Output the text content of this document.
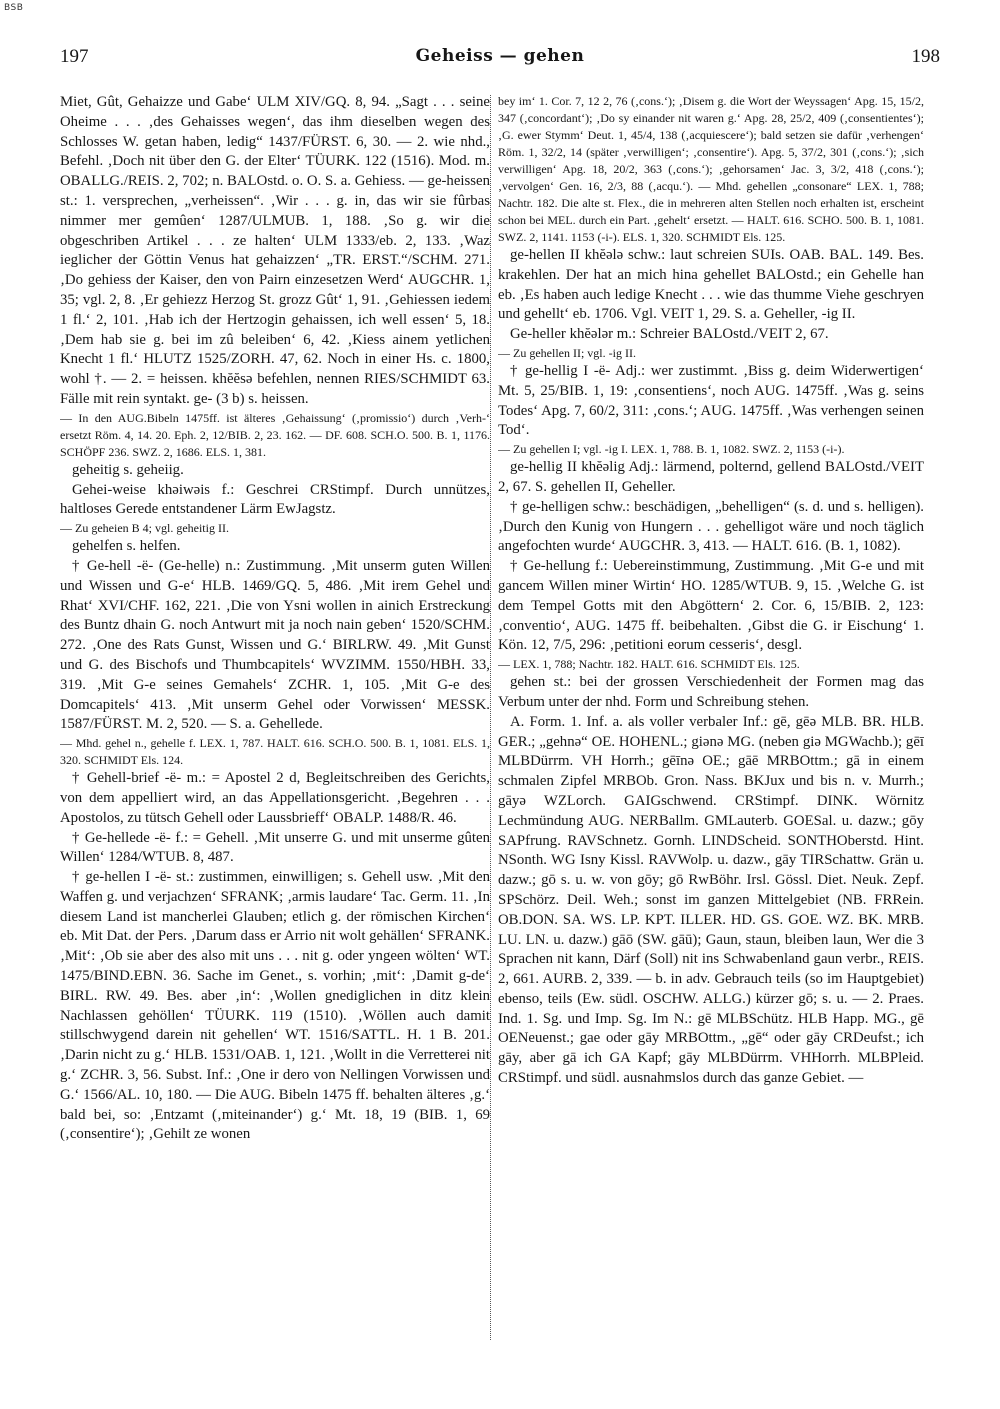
BSB
197	Geheiss — gehen	198

Miet, Gût, Gehaizze und Gabe‘ ULM XIV/GQ. 8, 94. „Sagt . . . seine Oheime . . . ‚des Gehaisses wegen‘, das ihm dieselben wegen des Schlosses W. getan haben, ledig“ 1437/FÜRST. 6, 30. — 2. wie nhd., Befehl. ‚Doch nit über den G. der Elter‘ TÜURK. 122 (1516). Mod. m. OBALLG./REIS. 2, 702; n. BALOstd. o. O. S. a. Gehiess. — ge-heissen st.: 1. versprechen, „verheissen“. ‚Wir . . . g. in, das wir sie fûrbas nimmer mer gemûen‘ 1287/ULMUB. 1, 188. ‚So g. wir die obgeschriben Artikel . . . ze halten‘ ULM 1333/eb. 2, 133. ‚Waz ieglicher der Göttin Venus hat gehaizzen‘ „TR. ERST.“/SCHM. 271. ‚Do gehiess der Kaiser, den von Pairn einzesetzen Werd‘ AUGCHR. 1, 35; vgl. 2, 8. ‚Er gehiezz Herzog St. grozz Gût‘ 1, 91. ‚Gehiessen iedem 1 fl.‘ 2, 101. ‚Hab ich der Hertzogin gehaissen, ich well essen‘ 5, 18. ‚Dem hab sie g. bei im zû beleiben‘ 6, 42. ‚Kiess ainem yetlichen Knecht 1 fl.‘ HLUTZ 1525/ZORH. 47, 62. Noch in einer Hs. c. 1800, wohl †. — 2. = heissen. khĕĕsə befehlen, nennen RIES/SCHMIDT 63. Fälle mit rein syntakt. ge- (3 b) s. heissen.

— In den AUG.Bibeln 1475ff. ist älteres ‚Gehaissung‘ (‚promissio‘) durch ‚Verh-‘ ersetzt Röm. 4, 14. 20. Eph. 2, 12/BIB. 2, 23. 162. — DF. 608. SCH.O. 500. B. 1, 1176. SCHÖPF 236. SWZ. 2, 1686. ELS. 1, 381.

geheitig s. geheiig.

Gehei-weise khəiwəis f.: Geschrei CRStimpf. Durch unnützes, haltloses Gerede entstandener Lärm EwJagstz.

— Zu geheien B 4; vgl. geheitig II.

gehelfen s. helfen.

† Ge-hell -ë- (Ge-helle) n.: Zustimmung. ‚Mit unserm guten Willen und Wissen und G-e‘ HLB. 1469/GQ. 5, 486. ‚Mit irem Gehel und Rhat‘ XVI/CHF. 162, 221. ‚Die von Ysni wollen in ainich Erstreckung des Buntz dhain G. noch Antwurt mit ja noch nain geben‘ 1520/SCHM. 272. ‚One des Rats Gunst, Wissen und G.‘ BIRLRW. 49. ‚Mit Gunst und G. des Bischofs und Thumbcapitels‘ WVZIMM. 1550/HBH. 33, 319. ‚Mit G-e seines Gemahels‘ ZCHR. 1, 105. ‚Mit G-e des Domcapitels‘ 413. ‚Mit unserm Gehel oder Vorwissen‘ MESSK. 1587/FÜRST. M. 2, 520. — S. a. Gehellede.

— Mhd. gehel n., gehelle f. LEX. 1, 787. HALT. 616. SCH.O. 500. B. 1, 1081. ELS. 1, 320. SCHMIDT Els. 124.

† Gehell-brief -ë- m.: = Apostel 2 d, Begleitschreiben des Gerichts, von dem appelliert wird, an das Appellationsgericht. ‚Begehren . . . Apostolos, zu tütsch Gehell oder Laussbrieff‘ OBALP. 1488/R. 46.

† Ge-hellede -ë- f.: = Gehell. ‚Mit unserre G. und mit unserme gûten Willen‘ 1284/WTUB. 8, 487.

† ge-hellen I -ë- st.: zustimmen, einwilligen; s. Gehell usw. ‚Mit den Waffen g. und verjachzen‘ SFRANK; ‚armis laudare‘ Tac. Germ. 11. ‚In diesem Land ist mancherlei Glauben; etlich g. der römischen Kirchen‘ eb. Mit Dat. der Pers. ‚Darum dass er Arrio nit wolt gehällen‘ SFRANK. ‚Mit‘: ‚Ob sie aber des also mit uns . . . nit g. oder yngeen wölten‘ WT. 1475/BIND.EBN. 36. Sache im Genet., s. vorhin; ‚mit‘: ‚Damit g-de‘ BIRL. RW. 49. Bes. aber ‚in‘: ‚Wollen gnediglichen in ditz klein Nachlassen gehöllen‘ TÜURK. 119 (1510). ‚Wöllen auch damit stillschwygend darein nit gehellen‘ WT. 1516/SATTL. H. 1 B. 201. ‚Darin nicht zu g.‘ HLB. 1531/OAB. 1, 121. ‚Wollt in die Verretterei nit g.‘ ZCHR. 3, 56. Subst. Inf.: ‚One ir dero von Nellingen Vorwissen und G.‘ 1566/AL. 10, 180. — Die AUG. Bibeln 1475 ff. behalten älteres ‚g.‘ bald bei, so: ‚Entzamt (‚miteinander‘) g.‘ Mt. 18, 19 (BIB. 1, 69 (‚consentire‘); ‚Gehilt ze wonen

bey im‘ 1. Cor. 7, 12 2, 76 (‚cons.‘); ‚Disem g. die Wort der Weyssagen‘ Apg. 15, 15/2, 347 (‚concordant‘); ‚Do sy einander nit waren g.‘ Apg. 28, 25/2, 409 (‚consentientes‘); ‚G. ewer Stymm‘ Deut. 1, 45/4, 138 (‚acquiescere‘); bald setzen sie dafür ‚verhengen‘ Röm. 1, 32/2, 14 (später ‚verwilligen‘; ‚consentire‘). Apg. 5, 37/2, 301 (‚cons.‘); ‚sich verwilligen‘ Apg. 18, 20/2, 363 (‚cons.‘); ‚gehorsamen‘ Jac. 3, 3/2, 418 (‚cons.‘); ‚vervolgen‘ Gen. 16, 2/3, 88 (‚acqu.‘). — Mhd. gehellen „consonare“ LEX. 1, 788; Nachtr. 182. Die alte st. Flex., die in mehreren alten Stellen noch erhalten ist, erscheint schon bei MEL. durch ein Part. ‚gehelt‘ ersetzt. — HALT. 616. SCHO. 500. B. 1, 1081. SWZ. 2, 1141. 1153 (-i-). ELS. 1, 320. SCHMIDT Els. 125.

ge-hellen II khĕələ schw.: laut schreien SUIs. OAB. BAL. 149. Bes. krakehlen. Der hat an mich hina gehellet BALOstd.; ein Gehelle han eb. ‚Es haben auch ledige Knecht . . . wie das thumme Viehe geschryen und gehellt‘ eb. 1706. Vgl. VEIT 1, 29. S. a. Geheller, -ig II.

Ge-heller khĕələr m.: Schreier BALOstd./VEIT 2, 67.

— Zu gehellen II; vgl. -ig II.

† ge-hellig I -ë- Adj.: wer zustimmt. ‚Biss g. deim Widerwertigen‘ Mt. 5, 25/BIB. 1, 19: ‚consentiens‘, noch AUG. 1475ff. ‚Was g. seins Todes‘ Apg. 7, 60/2, 311: ‚cons.‘; AUG. 1475ff. ‚Was verhengen seinen Tod‘.

— Zu gehellen I; vgl. -ig I. LEX. 1, 788. B. 1, 1082. SWZ. 2, 1153 (-i-).

ge-hellig II khĕəlig Adj.: lärmend, polternd, gellend BALOstd./VEIT 2, 67. S. gehellen II, Geheller.

† ge-helligen schw.: beschädigen, „behelligen“ (s. d. und s. helligen). ‚Durch den Kunig von Hungern . . . gehelligot wäre und noch täglich angefochten wurde‘ AUGCHR. 3, 413. — HALT. 616. (B. 1, 1082).

† Ge-hellung f.: Uebereinstimmung, Zustimmung. ‚Mit G-e und mit gancem Willen miner Wirtin‘ HO. 1285/WTUB. 9, 15. ‚Welche G. ist dem Tempel Gotts mit den Abgöttern‘ 2. Cor. 6, 15/BIB. 2, 123: ‚conventio‘, AUG. 1475 ff. beibehalten. ‚Gibst die G. ir Eischung‘ 1. Kön. 12, 7/5, 296: ‚petitioni eorum cesseris‘, desgl.

— LEX. 1, 788; Nachtr. 182. HALT. 616. SCHMIDT Els. 125.

gehen st.: bei der grossen Verschiedenheit der Formen mag das Verbum unter der nhd. Form und Schreibung stehen.

A. Form. 1. Inf. a. als voller verbaler Inf.: gē, gēə MLB. BR. HLB. GER.; „gehnə“ OE. HOHENL.; giənə MG. (neben giə MGWachb.); gēī MLBDürrm. VH Horrh.; gēīnə OE.; gāē MRBOttm.; gā in einem schmalen Zipfel MRBOb. Gron. Nass. BKJux und bis n. v. Murrh.; gāyə WZLorch. GAIGschwend. CRStimpf. DINK. Wörnitz Lechmündung AUG. NERBallm. GMLauterb. GOESal. u. dazw.; gōy SAPfrung. RAVSchnetz. Gornh. LINDScheid. SONTHOberstd. Hint. NSonth. WG Isny Kissl. RAVWolp. u. dazw., gāy TIRSchattw. Grän u. dazw.; gō s. u. w. von gōy; gō RwBöhr. Irsl. Gössl. Diet. Neuk. Zepf. SPSchörz. Deil. Weh.; sonst im ganzen Mittelgebiet (NB. FRRein. OB.DON. SA. WS. LP. KPT. ILLER. HD. GS. GOE. WZ. BK. MRB. LU. LN. u. dazw.) gāō (SW. gāū); Gaun, staun, bleiben laun, Wer die 3 Sprachen nit kann, Därf (Soll) nit ins Schwabenland gaun verbr., REIS. 2, 661. AURB. 2, 339. — b. in adv. Gebrauch teils (so im Hauptgebiet) ebenso, teils (Ew. südl. OSCHW. ALLG.) kürzer gō; s. u. — 2. Praes. Ind. 1. Sg. und Imp. Sg. Im N.: gē MLBSchütz. HLB Happ. MG., gē OENeuenst.; gae oder gāy MRBOttm., „gē“ oder gāy CRDeufst.; ich gāy, aber gā ich GA Kapf; gāy MLBDürrm. VHHorrh. MLBPleid. CRStimpf. und südl. ausnahmslos durch das ganze Gebiet. —
